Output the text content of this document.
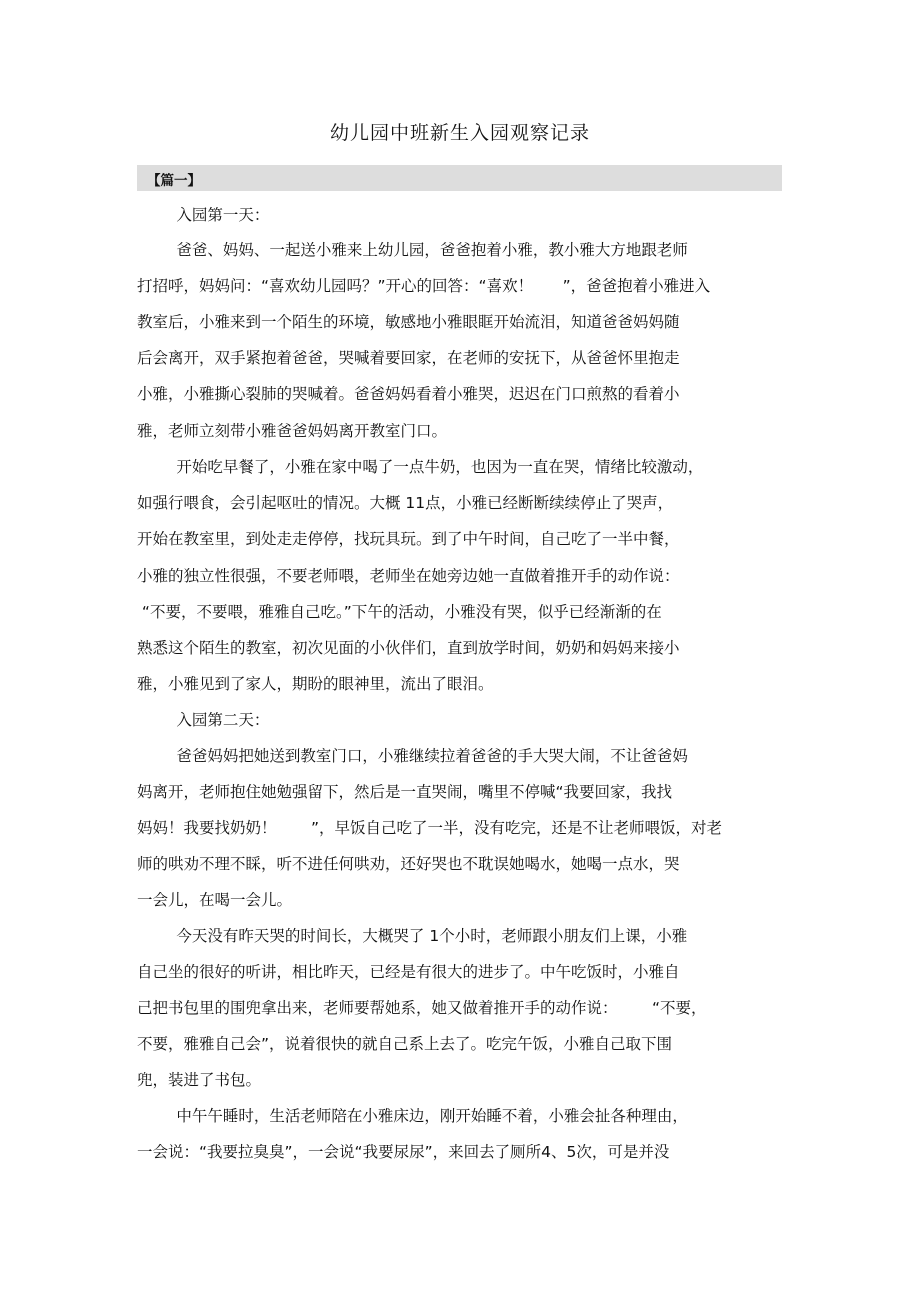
幼儿园中班新生入园观察记录
【篇一】
入园第一天：
爸爸、妈妈、一起送小雅来上幼儿园，爸爸抱着小雅，教小雅大方地跟老师
打招呼，妈妈问：“喜欢幼儿园吗？”开心的回答：“喜欢！      ”，爸爸抱着小雅进入
教室后，小雅来到一个陌生的环境，敏感地小雅眼眶开始流泪，知道爸爸妈妈随
后会离开，双手紧抱着爸爸，哭喊着要回家，在老师的安抚下，从爸爸怀里抱走
小雅，小雅撕心裂肺的哭喊着。爸爸妈妈看着小雅哭，迟迟在门口煎熬的看着小
雅，老师立刻带小雅爸爸妈妈离开教室门口。
开始吃早餐了，小雅在家中喝了一点牛奶，也因为一直在哭，情绪比较激动，
如强行喂食，会引起呕吐的情况。大概 11点，小雅已经断断续续停止了哭声，
开始在教室里，到处走走停停，找玩具玩。到了中午时间，自己吃了一半中餐，
小雅的独立性很强，不要老师喂，老师坐在她旁边她一直做着推开手的动作说：
“不要，不要喂，雅雅自己吃。”下午的活动，小雅没有哭，似乎已经渐渐的在
熟悉这个陌生的教室，初次见面的小伙伴们，直到放学时间，奶奶和妈妈来接小
雅，小雅见到了家人，期盼的眼神里，流出了眼泪。
入园第二天：
爸爸妈妈把她送到教室门口，小雅继续拉着爸爸的手大哭大闹，不让爸爸妈
妈离开，老师抱住她勉强留下，然后是一直哭闹，嘴里不停喊“我要回家，我找
妈妈！我要找奶奶！       ”，早饭自己吃了一半，没有吃完，还是不让老师喂饭，对老
师的哄劝不理不睬，听不进任何哄劝，还好哭也不耽误她喝水，她喝一点水，哭
一会儿，在喝一会儿。
今天没有昨天哭的时间长，大概哭了 1个小时，老师跟小朋友们上课，小雅
自己坐的很好的听讲，相比昨天，已经是有很大的进步了。中午吃饭时，小雅自
己把书包里的围兜拿出来，老师要帮她系，她又做着推开手的动作说：       “不要，
不要，雅雅自己会”，说着很快的就自己系上去了。吃完午饭，小雅自己取下围
兜，装进了书包。
中午午睡时，生活老师陪在小雅床边，刚开始睡不着，小雅会扯各种理由，
一会说：“我要拉臭臭”，一会说“我要尿尿”，来回去了厕所4、5次，可是并没
